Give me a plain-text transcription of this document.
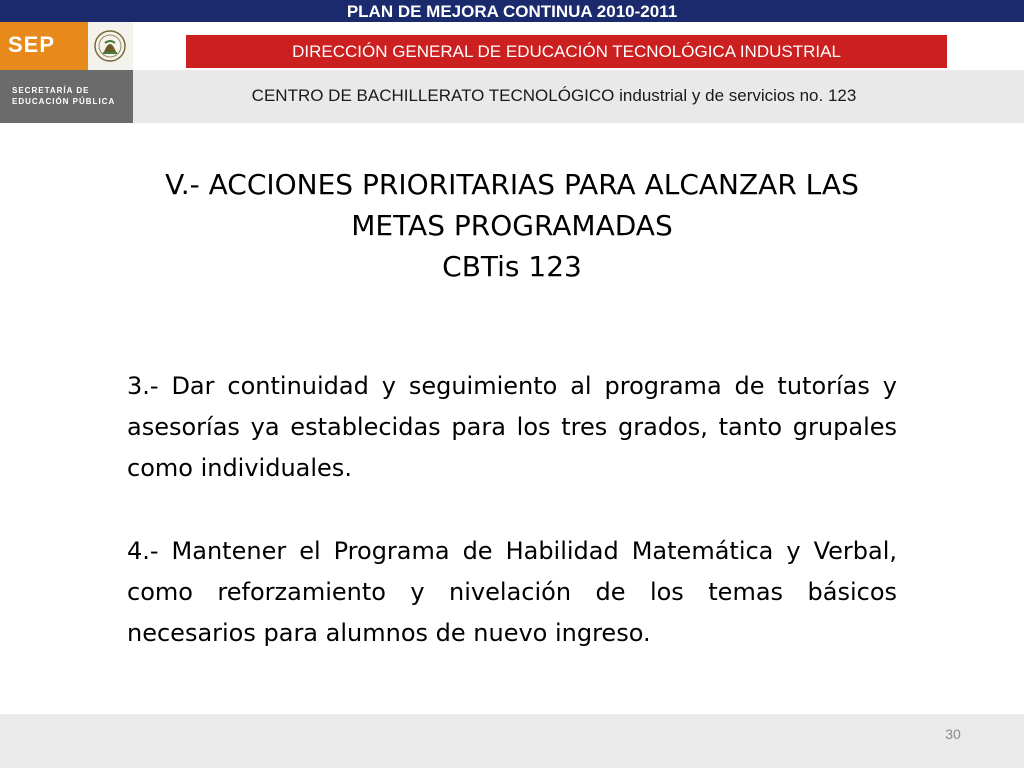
PLAN DE MEJORA CONTINUA 2010-2011
SEP
SECRETARÍA DE
EDUCACIÓN PÚBLICA
DIRECCIÓN GENERAL DE EDUCACIÓN TECNOLÓGICA INDUSTRIAL
CENTRO DE BACHILLERATO TECNOLÓGICO industrial y de servicios no. 123
V.- ACCIONES PRIORITARIAS PARA ALCANZAR LAS
METAS PROGRAMADAS
CBTis 123

3.- Dar continuidad y seguimiento al programa de tutorías y asesorías ya establecidas para los tres grados, tanto grupales como individuales.

4.- Mantener el Programa de Habilidad Matemática y Verbal, como reforzamiento y nivelación de los temas básicos necesarios para alumnos de nuevo ingreso.

30
